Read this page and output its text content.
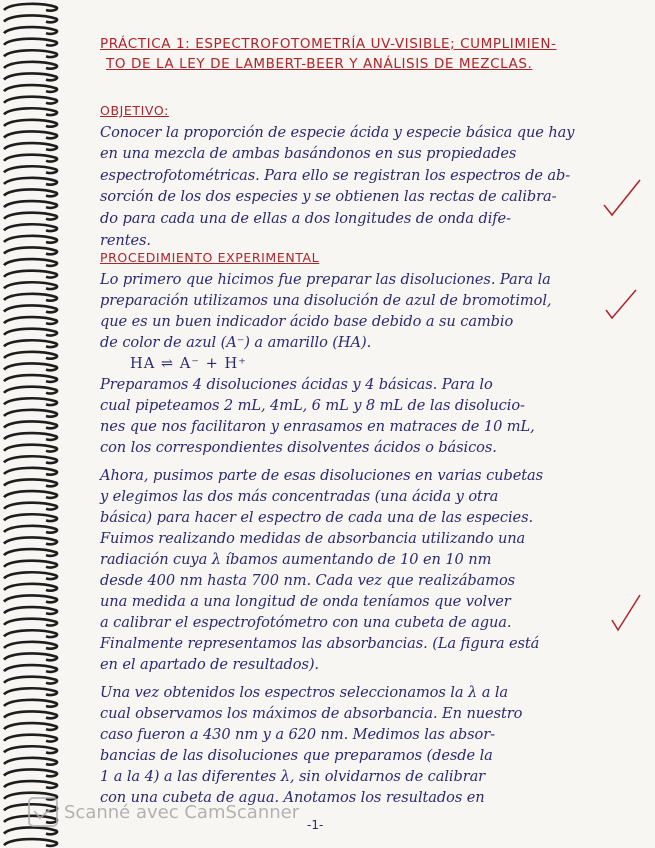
PRÁCTICA 1: ESPECTROFOTOMETRÍA UV-VISIBLE; CUMPLIMIEN-
TO DE LA LEY DE LAMBERT-BEER Y ANÁLISIS DE MEZCLAS.
OBJETIVO:
Conocer la proporción de especie ácida y especie básica que hay
en una mezcla de ambas basándonos en sus propiedades
espectrofotométricas. Para ello se registran los espectros de ab-
sorción de los dos especies y se obtienen las rectas de calibra-
do para cada una de ellas a dos longitudes de onda dife-
rentes.
PROCEDIMIENTO EXPERIMENTAL
Lo primero que hicimos fue preparar las disoluciones. Para la
preparación utilizamos una disolución de azul de bromotimol,
que es un buen indicador ácido base debido a su cambio
de color de azul (A⁻) a amarillo (HA).
HA ⇌ A⁻ + H⁺
Preparamos 4 disoluciones ácidas y 4 básicas. Para lo
cual pipeteamos 2 mL, 4mL, 6 mL y 8 mL de las disolucio-
nes que nos facilitaron y enrasamos en matraces de 10 mL,
con los correspondientes disolventes ácidos o básicos.
Ahora, pusimos parte de esas disoluciones en varias cubetas
y elegimos las dos más concentradas (una ácida y otra
básica) para hacer el espectro de cada una de las especies.
Fuimos realizando medidas de absorbancia utilizando una
radiación cuya λ íbamos aumentando de 10 en 10 nm
desde 400 nm hasta 700 nm. Cada vez que realizábamos
una medida a una longitud de onda teníamos que volver
a calibrar el espectrofotómetro con una cubeta de agua.
Finalmente representamos las absorbancias. (La figura está
en el apartado de resultados).
Una vez obtenidos los espectros seleccionamos la λ a la
cual observamos los máximos de absorbancia. En nuestro
caso fueron a 430 nm y a 620 nm. Medimos las absor-
bancias de las disoluciones que preparamos (desde la
1 a la 4) a las diferentes λ, sin olvidarnos de calibrar
con una cubeta de agua. Anotamos los resultados en
Scanné avec CamScanner
-1-
